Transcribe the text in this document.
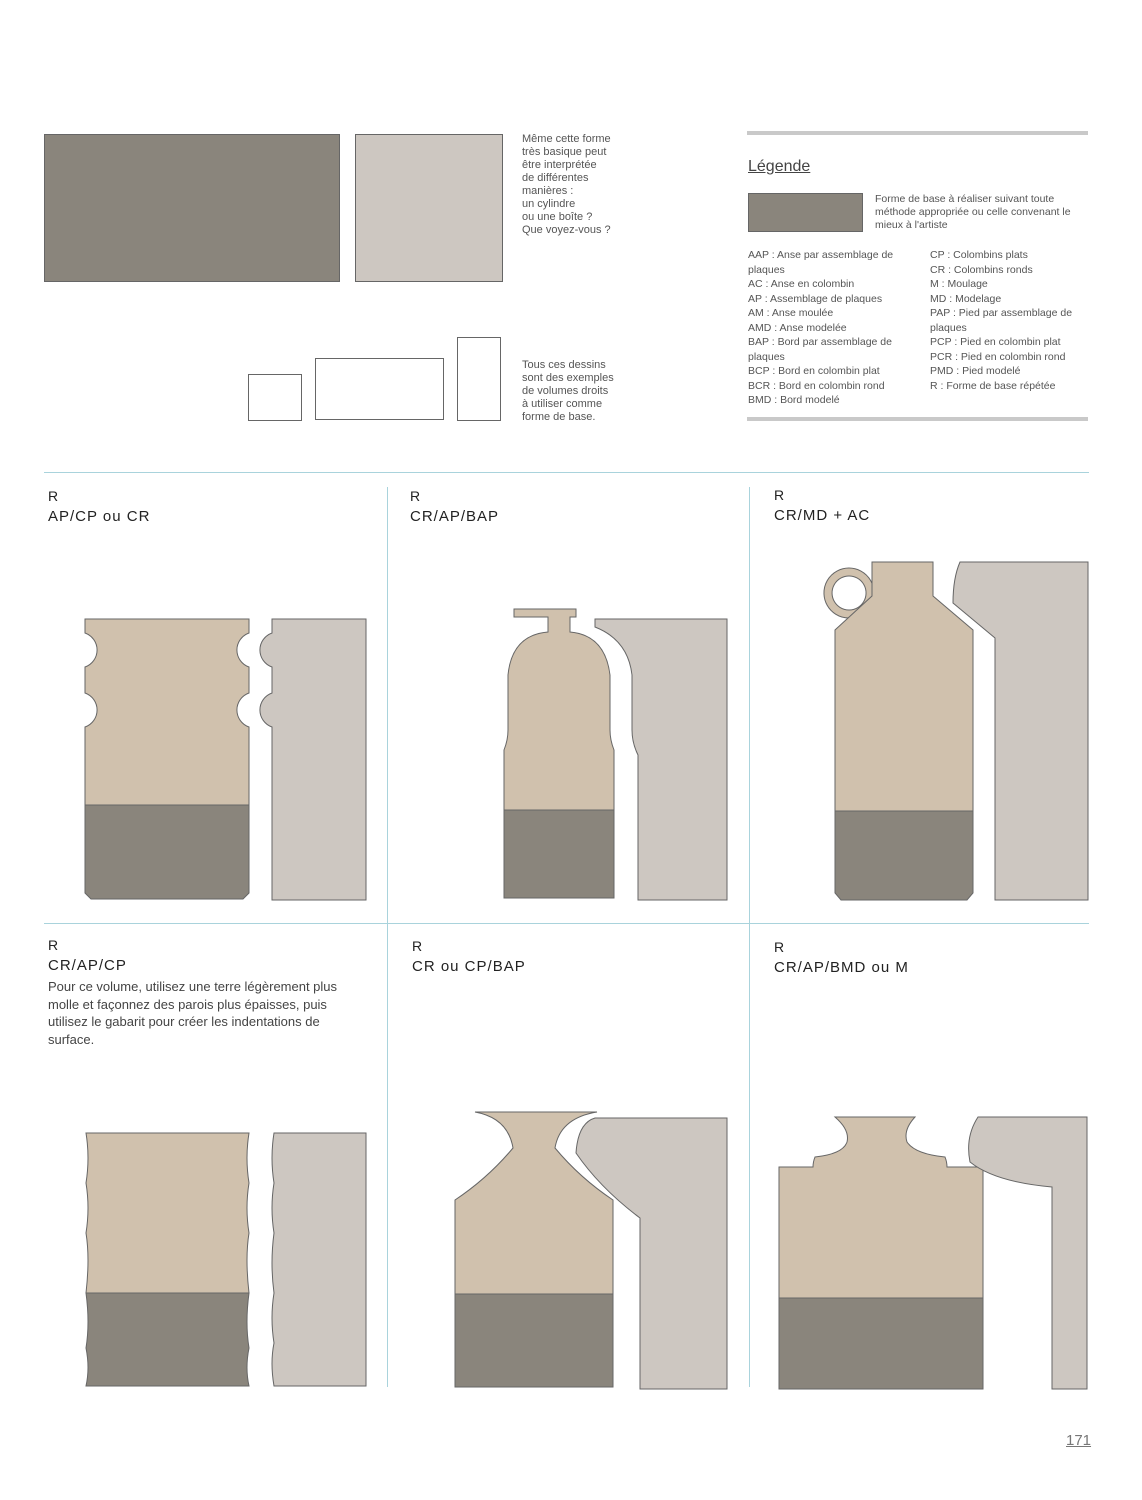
Même cette forme
très basique peut
être interprétée
de différentes
manières :
un cylindre
ou une boîte ?
Que voyez-vous ?
Tous ces dessins
sont des exemples
de volumes droits
à utiliser comme
forme de base.
Légende
Forme de base à réaliser suivant toute méthode appropriée ou celle convenant le mieux à l'artiste
AAP : Anse par assemblage de plaques
AC : Anse en colombin
AP : Assemblage de plaques
AM : Anse moulée
AMD : Anse modelée
BAP : Bord par assemblage de plaques
BCP : Bord en colombin plat
BCR : Bord en colombin rond
BMD : Bord modelé
CP : Colombins plats
CR : Colombins ronds
M : Moulage
MD : Modelage
PAP : Pied par assemblage de plaques
PCP : Pied en colombin plat
PCR : Pied en colombin rond
PMD : Pied modelé
R : Forme de base répétée
R
AP/CP ou CR
R
CR/AP/BAP
R
CR/MD + AC
R
CR/AP/CP
Pour ce volume, utilisez une terre légèrement plus molle et façonnez des parois plus épaisses, puis utilisez le gabarit pour créer les indentations de surface.
R
CR ou CP/BAP
R
CR/AP/BMD ou M
171
